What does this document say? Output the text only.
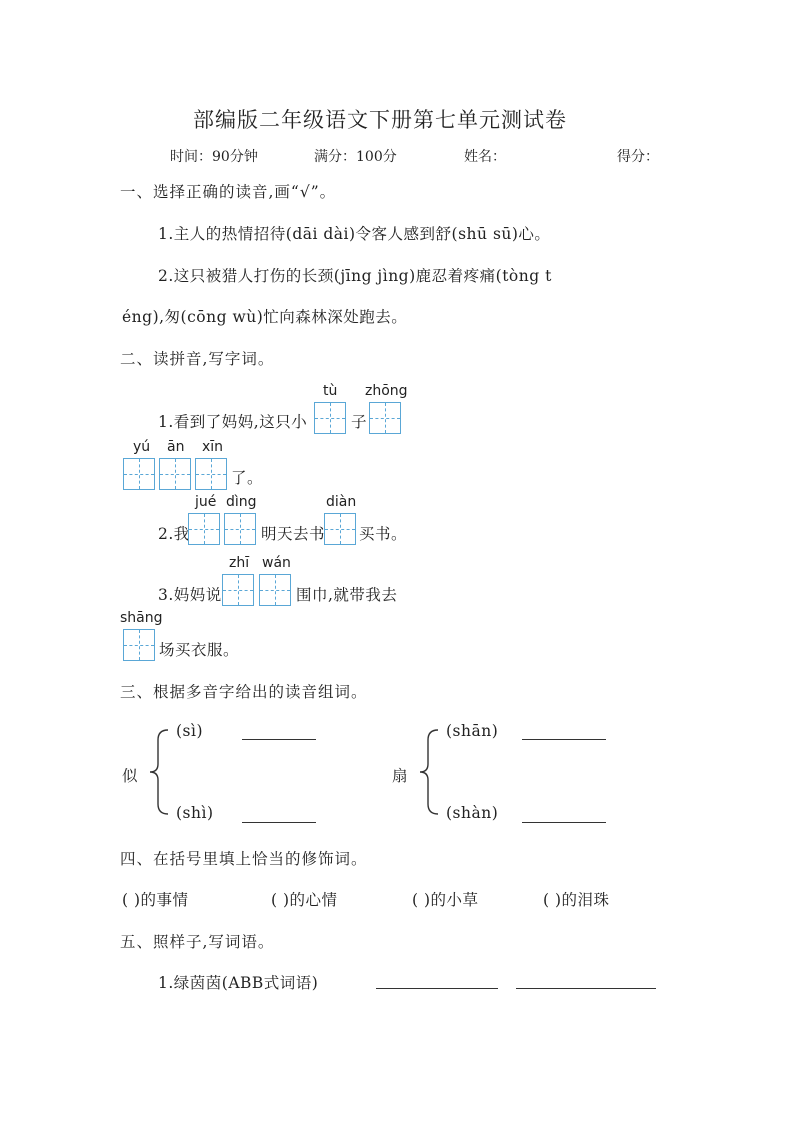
部编版二年级语文下册第七单元测试卷
时间：90分钟	满分：100分	姓名：	得分：
一、选择正确的读音,画“√”。
1.主人的热情招待(dāi dài)令客人感到舒(shū sū)心。
2.这只被猎人打伤的长颈(jīng jìng)鹿忍着疼痛(tòng t
éng),匆(cōng wù)忙向森林深处跑去。
二、读拼音,写字词。
1.看到了妈妈,这只小
tù
子
zhōng
yú ān xīn
了。
2.我
jué dìng
明天去书
diàn
买书。
3.妈妈说
zhī wán
围巾,就带我去
shāng
场买衣服。
三、根据多音字给出的读音组词。
似
(sì)
(shì)
扇
(shān)
(shàn)
四、在括号里填上恰当的修饰词。
( )的事情	( )的心情	( )的小草	( )的泪珠
五、照样子,写词语。
1.绿茵茵(ABB式词语)
